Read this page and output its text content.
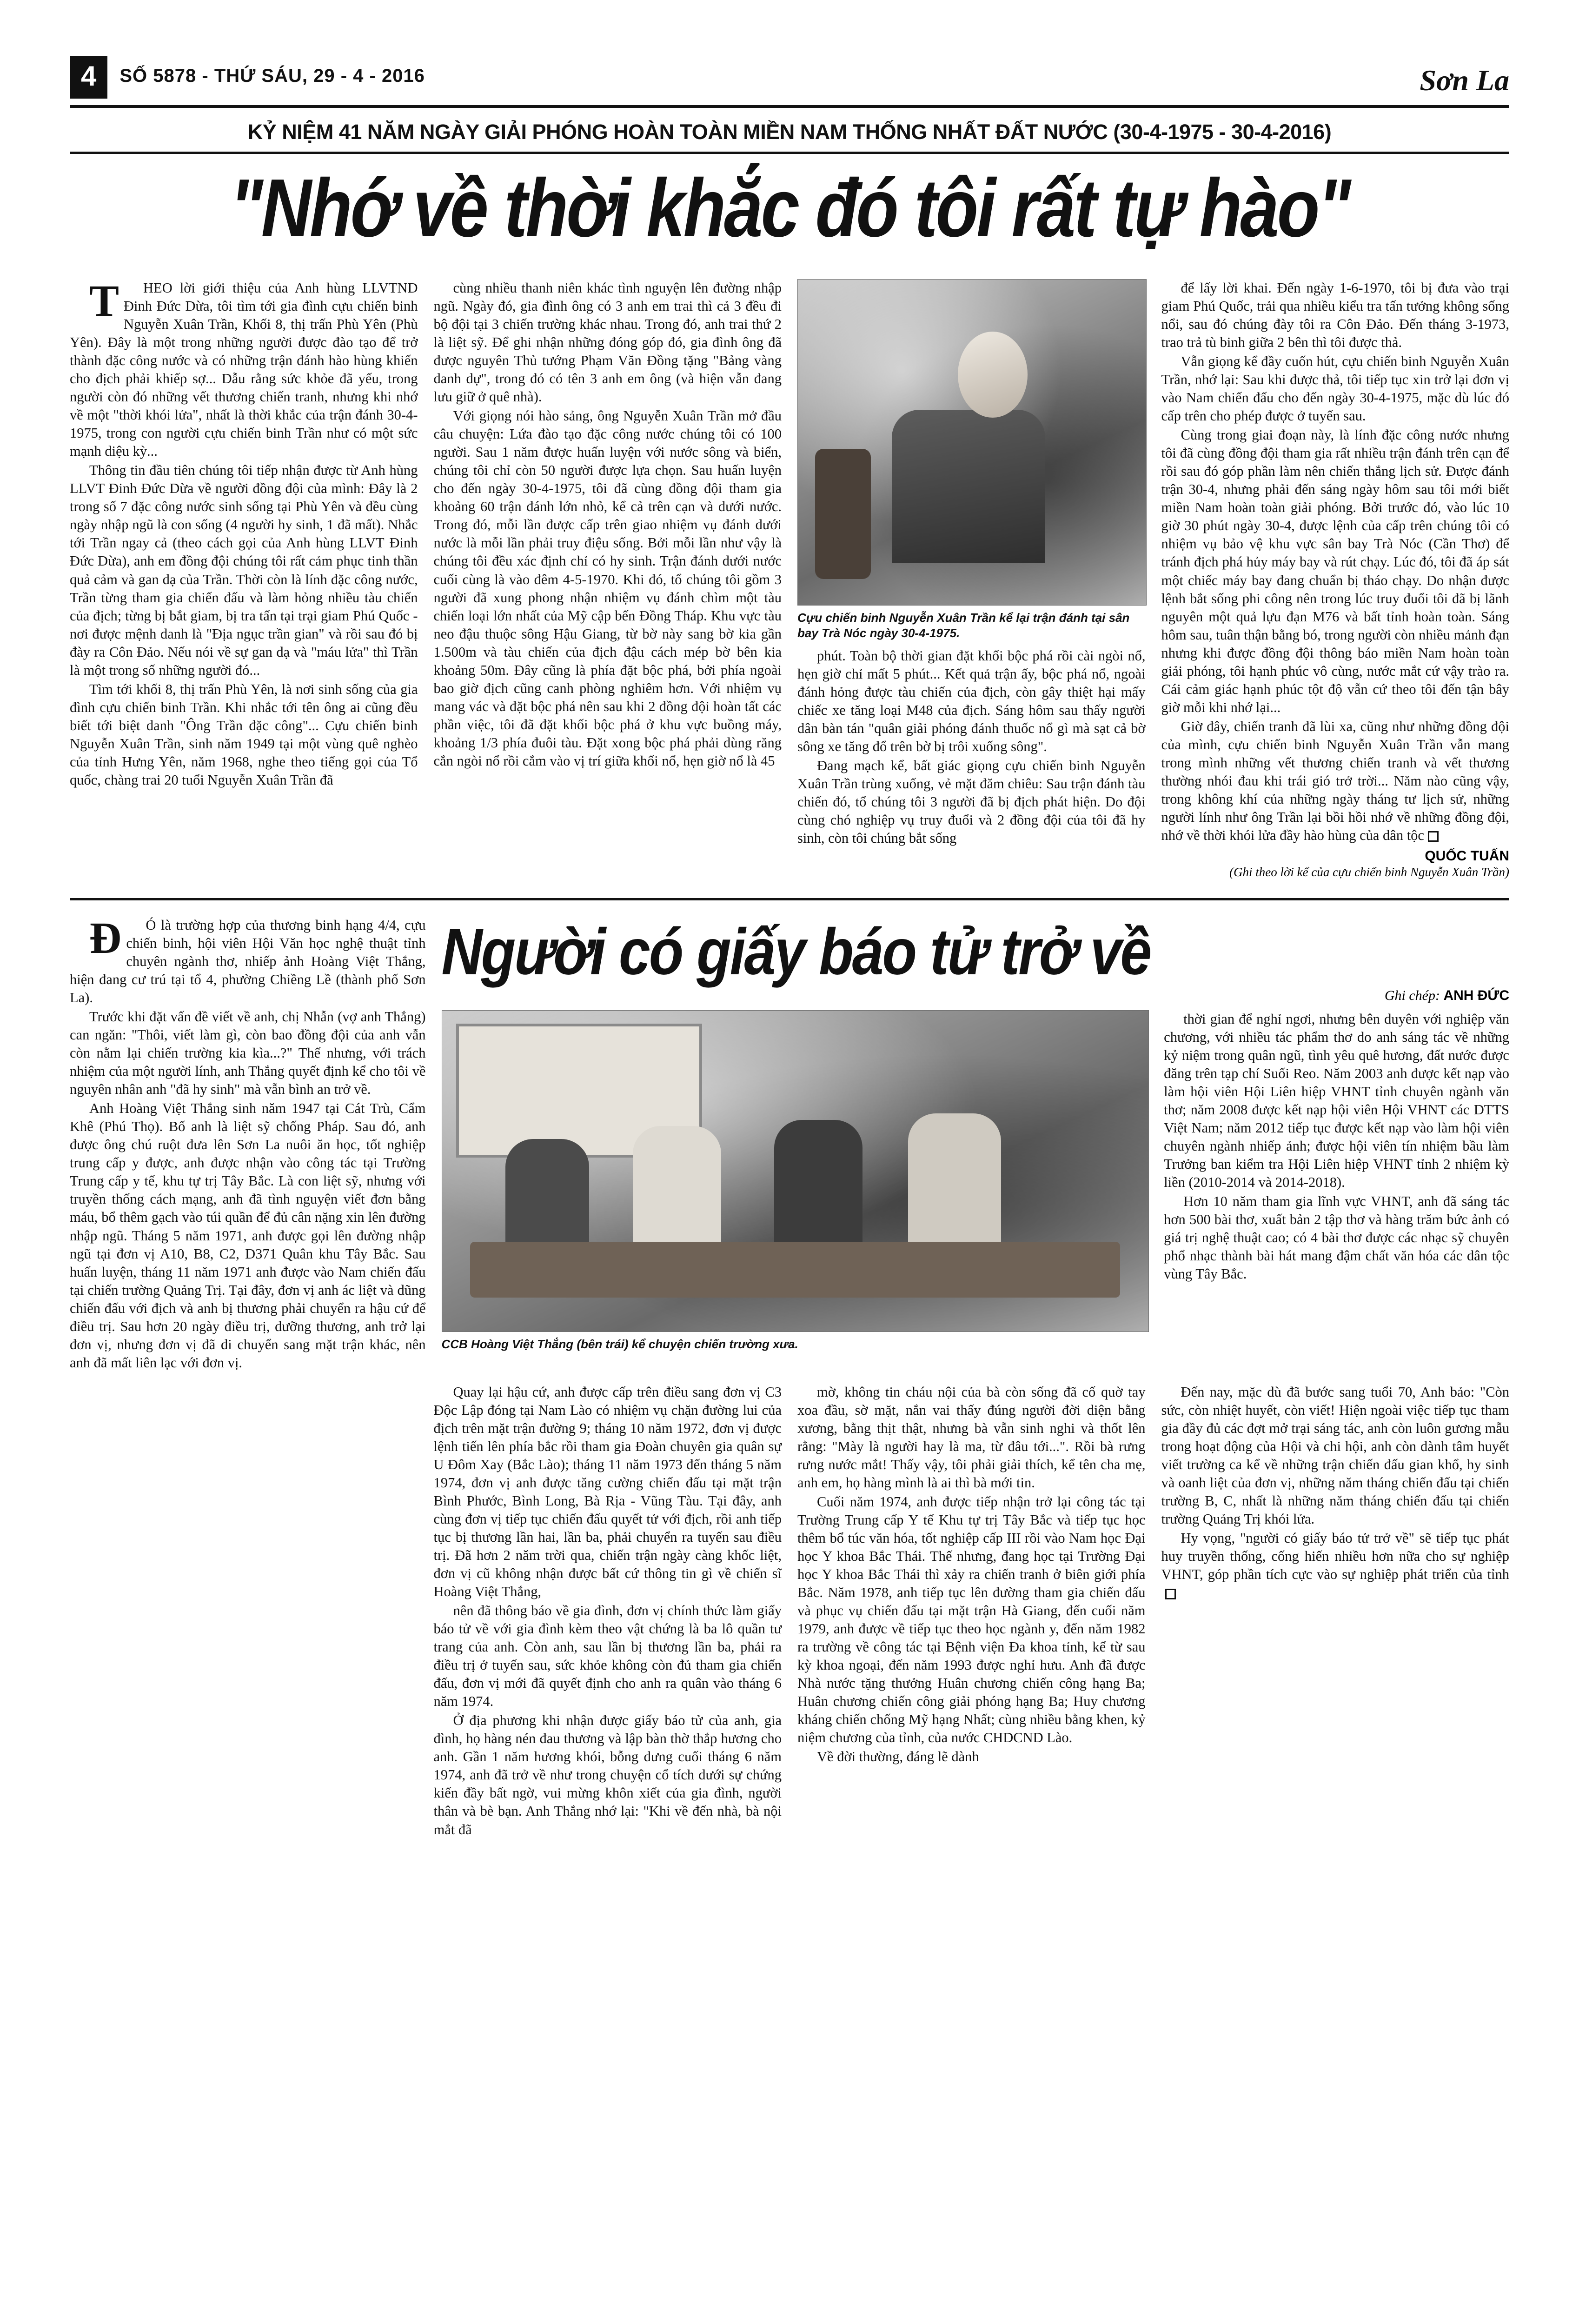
4	SỐ 5878 - THỨ SÁU, 29 - 4 - 2016	Sơn La
KỶ NIỆM 41 NĂM NGÀY GIẢI PHÓNG HOÀN TOÀN MIỀN NAM THỐNG NHẤT ĐẤT NƯỚC (30-4-1975 - 30-4-2016)
"Nhớ về thời khắc đó tôi rất tự hào"

THEO lời giới thiệu của Anh hùng LLVTND Đinh Đức Dừa, tôi tìm tới gia đình cựu chiến binh Nguyễn Xuân Trần, Khối 8, thị trấn Phù Yên (Phù Yên). Đây là một trong những người được đào tạo để trở thành đặc công nước và có những trận đánh hào hùng khiến cho địch phải khiếp sợ... Dẫu rằng sức khỏe đã yếu, trong người còn đó những vết thương chiến tranh, nhưng khi nhớ về một "thời khói lửa", nhất là thời khắc của trận đánh 30-4-1975, trong con người cựu chiến binh Trần như có một sức mạnh diệu kỳ...

Thông tin đầu tiên chúng tôi tiếp nhận được từ Anh hùng LLVT Đinh Đức Dừa về người đồng đội của mình: Đây là 2 trong số 7 đặc công nước sinh sống tại Phù Yên và đều cùng ngày nhập ngũ là con sống (4 người hy sinh, 1 đã mất). Nhắc tới Trần ngay cả (theo cách gọi của Anh hùng LLVT Đinh Đức Dừa), anh em đồng đội chúng tôi rất cảm phục tinh thần quả cảm và gan dạ của Trần. Thời còn là lính đặc công nước, Trần từng tham gia chiến đấu và làm hỏng nhiều tàu chiến của địch; từng bị bắt giam, bị tra tấn tại trại giam Phú Quốc - nơi được mệnh danh là "Địa ngục trần gian" và rồi sau đó bị đày ra Côn Đảo. Nếu nói về sự gan dạ và "máu lửa" thì Trần là một trong số những người đó...

Tìm tới khối 8, thị trấn Phù Yên, là nơi sinh sống của gia đình cựu chiến binh Trần. Khi nhắc tới tên ông ai cũng đều biết tới biệt danh "Ông Trần đặc công"... Cựu chiến binh Nguyễn Xuân Trần, sinh năm 1949 tại một vùng quê nghèo của tỉnh Hưng Yên, năm 1968, nghe theo tiếng gọi của Tổ quốc, chàng trai 20 tuổi Nguyễn Xuân Trần đã

cùng nhiều thanh niên khác tình nguyện lên đường nhập ngũ. Ngày đó, gia đình ông có 3 anh em trai thì cả 3 đều đi bộ đội tại 3 chiến trường khác nhau. Trong đó, anh trai thứ 2 là liệt sỹ. Để ghi nhận những đóng góp đó, gia đình ông đã được nguyên Thủ tướng Phạm Văn Đồng tặng "Bảng vàng danh dự", trong đó có tên 3 anh em ông (và hiện vẫn đang lưu giữ ở quê nhà).

Với giọng nói hào sảng, ông Nguyễn Xuân Trần mở đầu câu chuyện: Lứa đào tạo đặc công nước chúng tôi có 100 người. Sau 1 năm được huấn luyện với nước sông và biển, chúng tôi chỉ còn 50 người được lựa chọn. Sau huấn luyện cho đến ngày 30-4-1975, tôi đã cùng đồng đội tham gia khoảng 60 trận đánh lớn nhỏ, kể cả trên cạn và dưới nước. Trong đó, mỗi lần được cấp trên giao nhiệm vụ đánh dưới nước là mỗi lần phải truy điệu sống. Bởi mỗi lần như vậy là chúng tôi đều xác định chỉ có hy sinh. Trận đánh dưới nước cuối cùng là vào đêm 4-5-1970. Khi đó, tổ chúng tôi gồm 3 người đã xung phong nhận nhiệm vụ đánh chìm một tàu chiến loại lớn nhất của Mỹ cập bến Đồng Tháp. Khu vực tàu neo đậu thuộc sông Hậu Giang, từ bờ này sang bờ kia gần 1.500m và tàu chiến của địch đậu cách mép bờ bên kia khoảng 50m. Đây cũng là phía đặt bộc phá, bởi phía ngoài bao giờ địch cũng canh phòng nghiêm hơn. Với nhiệm vụ mang vác và đặt bộc phá nên sau khi 2 đồng đội hoàn tất các phần việc, tôi đã đặt khối bộc phá ở khu vực buồng máy, khoảng 1/3 phía đuôi tàu. Đặt xong bộc phá phải dùng răng cắn ngòi nổ rồi cắm vào vị trí giữa khối nổ, hẹn giờ nổ là 45

Cựu chiến binh Nguyễn Xuân Trần kể lại trận đánh tại sân bay Trà Nóc ngày 30-4-1975.

phút. Toàn bộ thời gian đặt khối bộc phá rồi cài ngòi nổ, hẹn giờ chỉ mất 5 phút... Kết quả trận ấy, bộc phá nổ, ngoài đánh hỏng được tàu chiến của địch, còn gây thiệt hại mấy chiếc xe tăng loại M48 của địch. Sáng hôm sau thấy người dân bàn tán "quân giải phóng đánh thuốc nổ gì mà sạt cả bờ sông xe tăng đổ trên bờ bị trôi xuống sông".

Đang mạch kể, bất giác giọng cựu chiến binh Nguyễn Xuân Trần trùng xuống, vẻ mặt đăm chiêu: Sau trận đánh tàu chiến đó, tổ chúng tôi 3 người đã bị địch phát hiện. Do đội cùng chó nghiệp vụ truy đuổi và 2 đồng đội của tôi đã hy sinh, còn tôi chúng bắt sống

để lấy lời khai. Đến ngày 1-6-1970, tôi bị đưa vào trại giam Phú Quốc, trải qua nhiều kiểu tra tấn tưởng không sống nổi, sau đó chúng đày tôi ra Côn Đảo. Đến tháng 3-1973, trao trả tù binh giữa 2 bên thì tôi được thả.

Vẫn giọng kể đầy cuốn hút, cựu chiến binh Nguyễn Xuân Trần, nhớ lại: Sau khi được thả, tôi tiếp tục xin trở lại đơn vị vào Nam chiến đấu cho đến ngày 30-4-1975, mặc dù lúc đó cấp trên cho phép được ở tuyến sau.

Cùng trong giai đoạn này, là lính đặc công nước nhưng tôi đã cùng đồng đội tham gia rất nhiều trận đánh trên cạn để rồi sau đó góp phần làm nên chiến thắng lịch sử. Được đánh trận 30-4, nhưng phải đến sáng ngày hôm sau tôi mới biết miền Nam hoàn toàn giải phóng. Bởi trước đó, vào lúc 10 giờ 30 phút ngày 30-4, được lệnh của cấp trên chúng tôi có nhiệm vụ bảo vệ khu vực sân bay Trà Nóc (Cần Thơ) để tránh địch phá hủy máy bay và rút chạy. Lúc đó, tôi đã áp sát một chiếc máy bay đang chuẩn bị tháo chạy. Do nhận được lệnh bắt sống phi công nên trong lúc truy đuổi tôi đã bị lãnh nguyên một quả lựu đạn M76 và bất tỉnh hoàn toàn. Sáng hôm sau, tuân thận bằng bó, trong người còn nhiều mảnh đạn nhưng khi được đồng đội thông báo miền Nam hoàn toàn giải phóng, tôi hạnh phúc vô cùng, nước mắt cứ vậy trào ra. Cái cảm giác hạnh phúc tột độ vẫn cứ theo tôi đến tận bây giờ mỗi khi nhớ lại...

Giờ đây, chiến tranh đã lùi xa, cũng như những đồng đội của mình, cựu chiến binh Nguyễn Xuân Trần vẫn mang trong mình những vết thương chiến tranh và vết thương thường nhói đau khi trái gió trở trời... Năm nào cũng vậy, trong không khí của những ngày tháng tư lịch sử, những người lính như ông Trần lại bồi hồi nhớ về những đồng đội, nhớ về thời khói lửa đầy hào hùng của dân tộc

QUỐC TUẤN
(Ghi theo lời kể của cựu chiến binh Nguyễn Xuân Trần)

ĐÓ là trường hợp của thương binh hạng 4/4, cựu chiến binh, hội viên Hội Văn học nghệ thuật tỉnh chuyên ngành thơ, nhiếp ảnh Hoàng Việt Thắng, hiện đang cư trú tại tổ 4, phường Chiềng Lề (thành phố Sơn La).

Trước khi đặt vấn đề viết về anh, chị Nhẫn (vợ anh Thắng) can ngăn: "Thôi, viết làm gì, còn bao đồng đội của anh vẫn còn nằm lại chiến trường kia kìa...?" Thế nhưng, với trách nhiệm của một người lính, anh Thắng quyết định kể cho tôi về nguyên nhân anh "đã hy sinh" mà vẫn bình an trở về.

Anh Hoàng Việt Thắng sinh năm 1947 tại Cát Trù, Cẩm Khê (Phú Thọ). Bố anh là liệt sỹ chống Pháp. Sau đó, anh được ông chú ruột đưa lên Sơn La nuôi ăn học, tốt nghiệp trung cấp y được, anh được nhận vào công tác tại Trường Trung cấp y tế, khu tự trị Tây Bắc. Là con liệt sỹ, nhưng với truyền thống cách mạng, anh đã tình nguyện viết đơn bằng máu, bổ thêm gạch vào túi quần để đủ cân nặng xin lên đường nhập ngũ. Tháng 5 năm 1971, anh được gọi lên đường nhập ngũ tại đơn vị A10, B8, C2, D371 Quân khu Tây Bắc. Sau huấn luyện, tháng 11 năm 1971 anh được vào Nam chiến đấu tại chiến trường Quảng Trị. Tại đây, đơn vị anh ác liệt và dũng chiến đấu với địch và anh bị thương phải chuyển ra hậu cứ để điều trị. Sau hơn 20 ngày điều trị, dưỡng thương, anh trở lại đơn vị, nhưng đơn vị đã di chuyển sang mặt trận khác, nên anh đã mất liên lạc với đơn vị.

Người có giấy báo tử trở về
Ghi chép: ANH ĐỨC
CCB Hoàng Việt Thắng (bên trái) kể chuyện chiến trường xưa.

thời gian để nghỉ ngơi, nhưng bên duyên với nghiệp văn chương, với nhiều tác phẩm thơ do anh sáng tác về những kỷ niệm trong quân ngũ, tình yêu quê hương, đất nước được đăng trên tạp chí Suối Reo. Năm 2003 anh được kết nạp vào làm hội viên Hội Liên hiệp VHNT tỉnh chuyên ngành văn thơ; năm 2008 được kết nạp hội viên Hội VHNT các DTTS Việt Nam; năm 2012 tiếp tục được kết nạp vào làm hội viên chuyên ngành nhiếp ảnh; được hội viên tín nhiệm bầu làm Trưởng ban kiểm tra Hội Liên hiệp VHNT tỉnh 2 nhiệm kỳ liền (2010-2014 và 2014-2018).

Hơn 10 năm tham gia lĩnh vực VHNT, anh đã sáng tác hơn 500 bài thơ, xuất bản 2 tập thơ và hàng trăm bức ảnh có giá trị nghệ thuật cao; có 4 bài thơ được các nhạc sỹ chuyên phổ nhạc thành bài hát mang đậm chất văn hóa các dân tộc vùng Tây Bắc.

Quay lại hậu cứ, anh được cấp trên điều sang đơn vị C3 Độc Lập đóng tại Nam Lào có nhiệm vụ chặn đường lui của địch trên mặt trận đường 9; tháng 10 năm 1972, đơn vị được lệnh tiến lên phía bắc rồi tham gia Đoàn chuyên gia quân sự U Đôm Xay (Bắc Lào); tháng 11 năm 1973 đến tháng 5 năm 1974, đơn vị anh được tăng cường chiến đấu tại mặt trận Bình Phước, Bình Long, Bà Rịa - Vũng Tàu. Tại đây, anh cùng đơn vị tiếp tục chiến đấu quyết tử với địch, rồi anh tiếp tục bị thương lần hai, lần ba, phải chuyển ra tuyến sau điều trị. Đã hơn 2 năm trời qua, chiến trận ngày càng khốc liệt, đơn vị cũ không nhận được bất cứ thông tin gì về chiến sĩ Hoàng Việt Thắng,

nên đã thông báo về gia đình, đơn vị chính thức làm giấy báo tử về với gia đình kèm theo vật chứng là ba lô quần tư trang của anh. Còn anh, sau lần bị thương lần ba, phải ra điều trị ở tuyến sau, sức khỏe không còn đủ tham gia chiến đấu, đơn vị mới đã quyết định cho anh ra quân vào tháng 6 năm 1974.

Ở địa phương khi nhận được giấy báo tử của anh, gia đình, họ hàng nén đau thương và lập bàn thờ thắp hương cho anh. Gần 1 năm hương khói, bỗng dưng cuối tháng 6 năm 1974, anh đã trở về như trong chuyện cổ tích dưới sự chứng kiến đầy bất ngờ, vui mừng khôn xiết của gia đình, người thân và bè bạn. Anh Thắng nhớ lại: "Khi về đến nhà, bà nội mắt đã

mờ, không tin cháu nội của bà còn sống đã cố quờ tay xoa đầu, sờ mặt, nắn vai thấy đúng người đời diện bằng xương, bằng thịt thật, nhưng bà vẫn sinh nghi và thốt lên rằng: "Mày là người hay là ma, từ đâu tới...". Rồi bà rưng rưng nước mắt! Thấy vậy, tôi phải giải thích, kể tên cha mẹ, anh em, họ hàng mình là ai thì bà mới tin.

Cuối năm 1974, anh được tiếp nhận trở lại công tác tại Trường Trung cấp Y tế Khu tự trị Tây Bắc và tiếp tục học thêm bổ túc văn hóa, tốt nghiệp cấp III rồi vào Nam học Đại học Y khoa Bắc Thái. Thế nhưng, đang học tại Trường Đại học Y khoa Bắc Thái thì xảy ra chiến tranh ở biên giới phía Bắc. Năm 1978, anh tiếp tục lên đường tham gia chiến đấu và phục vụ chiến đấu tại mặt trận Hà Giang, đến cuối năm 1979, anh được về tiếp tục theo học ngành y, đến năm 1982 ra trường về công tác tại Bệnh viện Đa khoa tỉnh, kể từ sau kỳ khoa ngoại, đến năm 1993 được nghỉ hưu. Anh đã được Nhà nước tặng thưởng Huân chương chiến công hạng Ba; Huân chương chiến công giải phóng hạng Ba; Huy chương kháng chiến chống Mỹ hạng Nhất; cùng nhiều bằng khen, kỷ niệm chương của tỉnh, của nước CHDCND Lào.

Về đời thường, đáng lẽ dành

Đến nay, mặc dù đã bước sang tuổi 70, Anh bảo: "Còn sức, còn nhiệt huyết, còn viết! Hiện ngoài việc tiếp tục tham gia đầy đủ các đợt mở trại sáng tác, anh còn luôn gương mẫu trong hoạt động của Hội và chi hội, anh còn dành tâm huyết viết trường ca kể về những trận chiến đấu gian khổ, hy sinh và oanh liệt của đơn vị, những năm tháng chiến đấu tại chiến trường B, C, nhất là những năm tháng chiến đấu tại chiến trường Quảng Trị khói lửa.

Hy vọng, "người có giấy báo tử trở về" sẽ tiếp tục phát huy truyền thống, cống hiến nhiều hơn nữa cho sự nghiệp VHNT, góp phần tích cực vào sự nghiệp phát triển của tỉnh
